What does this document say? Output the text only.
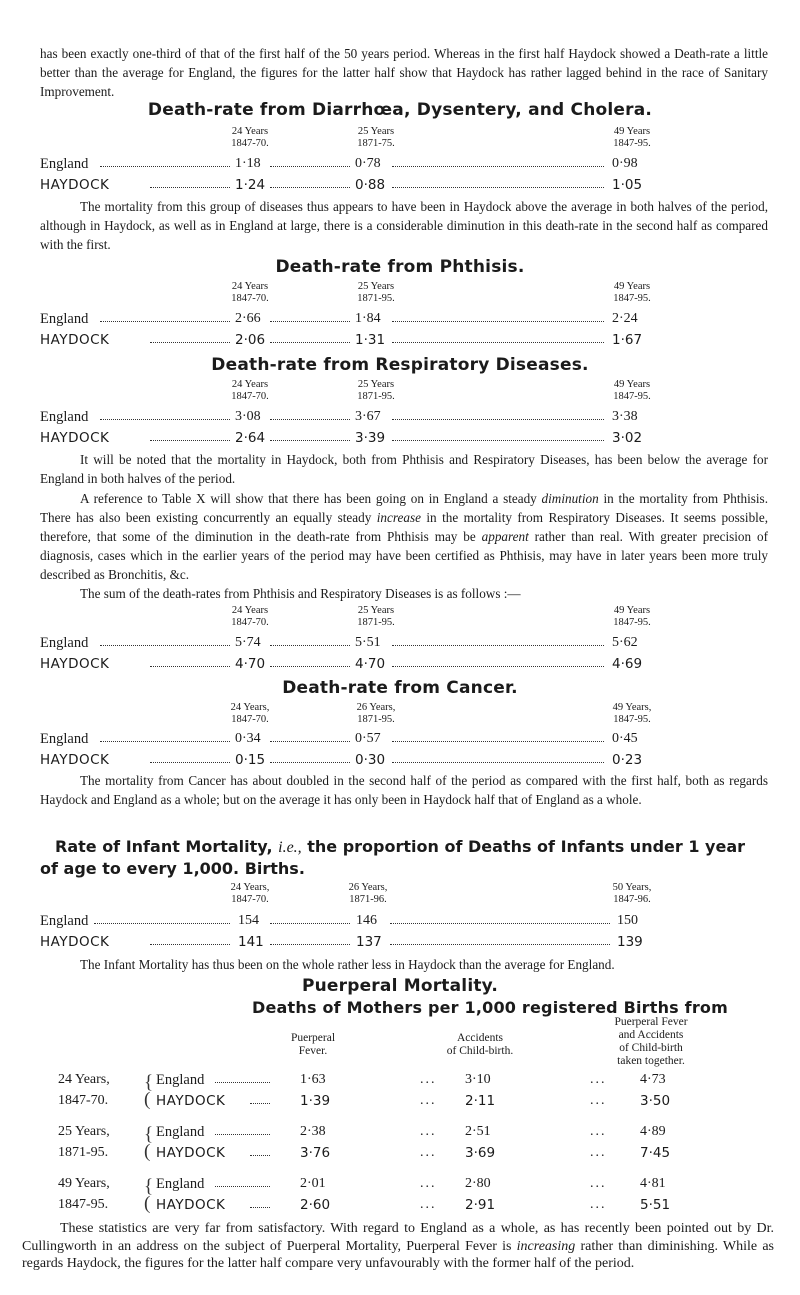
has been exactly one-third of that of the first half of the 50 years period. Whereas in the first half Haydock showed a Death-rate a little better than the average for England, the figures for the latter half show that Haydock has rather lagged behind in the race of Sanitary Improvement.
Death-rate from Diarrhœa, Dysentery, and Cholera.
24 Years
1847-70.
25 Years
1871-75.
49 Years
1847-95.
England	1·18	0·78	0·98
HAYDOCK	1·24	0·88	1·05
The mortality from this group of diseases thus appears to have been in Haydock above the average in both halves of the period, although in Haydock, as well as in England at large, there is a considerable diminution in this death-rate in the second half as compared with the first.
Death-rate from Phthisis.
24 Years
1847-70.
25 Years
1871-95.
49 Years
1847-95.
England	2·66	1·84	2·24
HAYDOCK	2·06	1·31	1·67
Death-rate from Respiratory Diseases.
24 Years
1847-70.
25 Years
1871-95.
49 Years
1847-95.
England	3·08	3·67	3·38
HAYDOCK	2·64	3·39	3·02
It will be noted that the mortality in Haydock, both from Phthisis and Respiratory Diseases, has been below the average for England in both halves of the period.
A reference to Table X will show that there has been going on in England a steady diminution in the mortality from Phthisis. There has also been existing concurrently an equally steady increase in the mortality from Respiratory Diseases. It seems possible, therefore, that some of the diminution in the death-rate from Phthisis may be apparent rather than real. With greater precision of diagnosis, cases which in the earlier years of the period may have been certified as Phthisis, may have in later years been more truly described as Bronchitis, &c.
The sum of the death-rates from Phthisis and Respiratory Diseases is as follows :—
24 Years
1847-70.
25 Years
1871-95.
49 Years
1847-95.
England	5·74	5·51	5·62
HAYDOCK	4·70	4·70	4·69
Death-rate from Cancer.
24 Years,
1847-70.
26 Years,
1871-95.
49 Years,
1847-95.
England	0·34	0·57	0·45
HAYDOCK	0·15	0·30	0·23
The mortality from Cancer has about doubled in the second half of the period as compared with the first half, both as regards Haydock and England as a whole; but on the average it has only been in Haydock half that of England as a whole.
Rate of Infant Mortality, i.e., the proportion of Deaths of Infants under 1 year of age to every 1,000. Births.
24 Years,
1847-70.
26 Years,
1871-96.
50 Years,
1847-96.
England	154	146	150
HAYDOCK	141	137	139
The Infant Mortality has thus been on the whole rather less in Haydock than the average for England.
Puerperal Mortality.
Deaths of Mothers per 1,000 registered Births from
Puerperal
Fever.
Accidents
of Child-birth.
Puerperal Fever
and Accidents
of Child-birth
taken together.
24 Years, { England	1·63	... 3·10	... 4·73
1847-70. ( HAYDOCK	1·39	... 2·11	... 3·50
25 Years, { England	2·38	... 2·51	... 4·89
1871-95. ( HAYDOCK	3·76	... 3·69	... 7·45
49 Years, { England	2·01	... 2·80	... 4·81
1847-95. ( HAYDOCK	2·60	... 2·91	... 5·51
These statistics are very far from satisfactory. With regard to England as a whole, as has recently been pointed out by Dr. Cullingworth in an address on the subject of Puerperal Mortality, Puerperal Fever is increasing rather than diminishing. While as regards Haydock, the figures for the latter half compare very unfavourably with the former half of the period.
